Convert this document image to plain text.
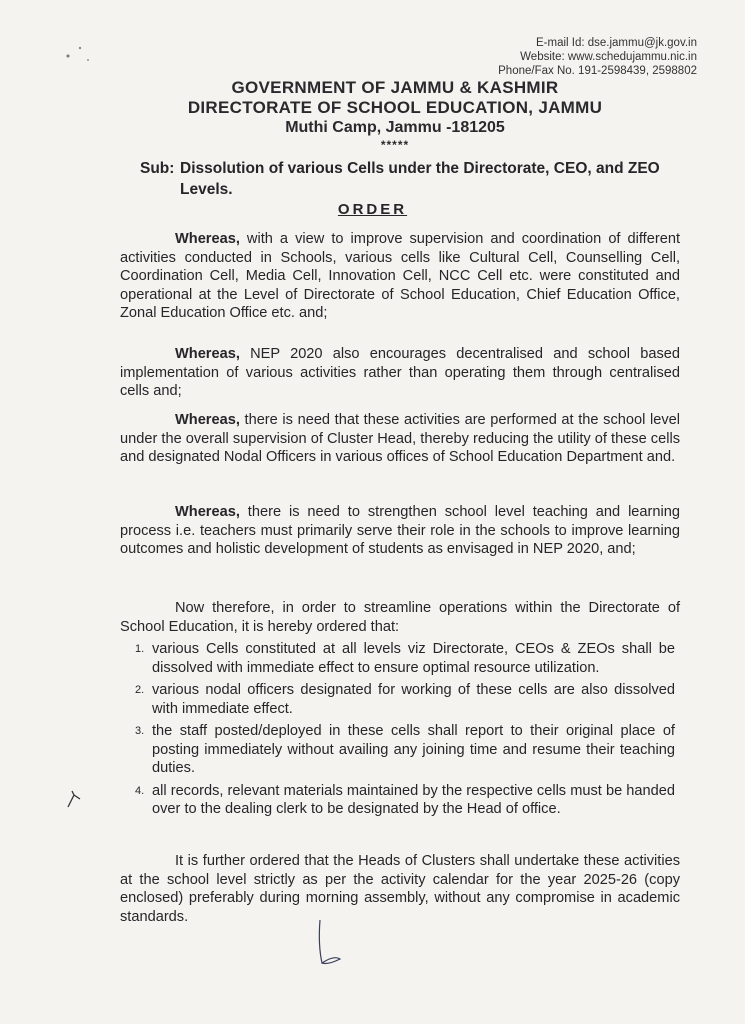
E-mail Id: dse.jammu@jk.gov.in
Website: www.schedujammu.nic.in
Phone/Fax No. 191-2598439, 2598802
GOVERNMENT OF JAMMU & KASHMIR
DIRECTORATE OF SCHOOL EDUCATION, JAMMU
Muthi Camp, Jammu -181205
*****
Sub: Dissolution of various Cells under the Directorate, CEO, and ZEO Levels.
ORDER
Whereas, with a view to improve supervision and coordination of different activities conducted in Schools, various cells like Cultural Cell, Counselling Cell, Coordination Cell, Media Cell, Innovation Cell, NCC Cell etc. were constituted and operational at the Level of Directorate of School Education, Chief Education Office, Zonal Education Office etc. and;
Whereas, NEP 2020 also encourages decentralised and school based implementation of various activities rather than operating them through centralised cells and;
Whereas, there is need that these activities are performed at the school level under the overall supervision of Cluster Head, thereby reducing the utility of these cells and designated Nodal Officers in various offices of School Education Department and.
Whereas, there is need to strengthen school level teaching and learning process i.e. teachers must primarily serve their role in the schools to improve learning outcomes and holistic development of students as envisaged in NEP 2020, and;
Now therefore, in order to streamline operations within the Directorate of School Education, it is hereby ordered that:
1. various Cells constituted at all levels viz Directorate, CEOs & ZEOs shall be dissolved with immediate effect to ensure optimal resource utilization.
2. various nodal officers designated for working of these cells are also dissolved with immediate effect.
3. the staff posted/deployed in these cells shall report to their original place of posting immediately without availing any joining time and resume their teaching duties.
4. all records, relevant materials maintained by the respective cells must be handed over to the dealing clerk to be designated by the Head of office.
It is further ordered that the Heads of Clusters shall undertake these activities at the school level strictly as per the activity calendar for the year 2025-26 (copy enclosed) preferably during morning assembly, without any compromise in academic standards.
